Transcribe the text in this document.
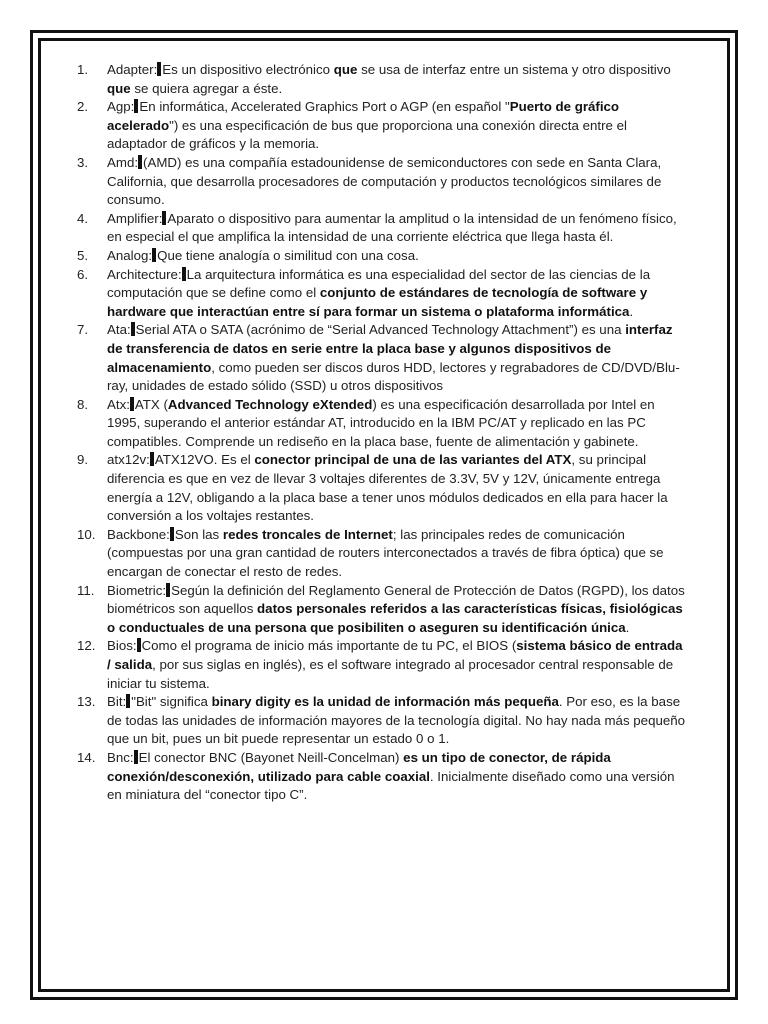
1.	Adapter: Es un dispositivo electrónico que se usa de interfaz entre un sistema y otro dispositivo que se quiera agregar a éste.
2.	Agp: En informática, Accelerated Graphics Port o AGP (en español "Puerto de gráfico acelerado") es una especificación de bus que proporciona una conexión directa entre el adaptador de gráficos y la memoria.
3.	Amd: (AMD) es una compañía estadounidense de semiconductores con sede en Santa Clara, California, que desarrolla procesadores de computación y productos tecnológicos similares de consumo.
4.	Amplifier: Aparato o dispositivo para aumentar la amplitud o la intensidad de un fenómeno físico, en especial el que amplifica la intensidad de una corriente eléctrica que llega hasta él.
5.	Analog: Que tiene analogía o similitud con una cosa.
6.	Architecture: La arquitectura informática es una especialidad del sector de las ciencias de la computación que se define como el conjunto de estándares de tecnología de software y hardware que interactúan entre sí para formar un sistema o plataforma informática.
7.	Ata: Serial ATA o SATA (acrónimo de “Serial Advanced Technology Attachment”) es una interfaz de transferencia de datos en serie entre la placa base y algunos dispositivos de almacenamiento, como pueden ser discos duros HDD, lectores y regrabadores de CD/DVD/Blu-ray, unidades de estado sólido (SSD) u otros dispositivos
8.	Atx: ATX (Advanced Technology eXtended) es una especificación desarrollada por Intel en 1995, superando el anterior estándar AT, introducido en la IBM PC/AT y replicado en las PC compatibles. Comprende un rediseño en la placa base, fuente de alimentación y gabinete.
9.	atx12v: ATX12VO. Es el conector principal de una de las variantes del ATX, su principal diferencia es que en vez de llevar 3 voltajes diferentes de 3.3V, 5V y 12V, únicamente entrega energía a 12V, obligando a la placa base a tener unos módulos dedicados en ella para hacer la conversión a los voltajes restantes.
10. Backbone: Son las redes troncales de Internet; las principales redes de comunicación (compuestas por una gran cantidad de routers interconectados a través de fibra óptica) que se encargan de conectar el resto de redes.
11. Biometric: Según la definición del Reglamento General de Protección de Datos (RGPD), los datos biométricos son aquellos datos personales referidos a las características físicas, fisiológicas o conductuales de una persona que posibiliten o aseguren su identificación única.
12. Bios: Como el programa de inicio más importante de tu PC, el BIOS (sistema básico de entrada / salida, por sus siglas en inglés), es el software integrado al procesador central responsable de iniciar tu sistema.
13. Bit: "Bit" significa binary digity es la unidad de información más pequeña. Por eso, es la base de todas las unidades de información mayores de la tecnología digital. No hay nada más pequeño que un bit, pues un bit puede representar un estado 0 o 1.
14. Bnc: El conector BNC (Bayonet Neill-Concelman) es un tipo de conector, de rápida conexión/desconexión, utilizado para cable coaxial. Inicialmente diseñado como una versión en miniatura del “conector tipo C”.
